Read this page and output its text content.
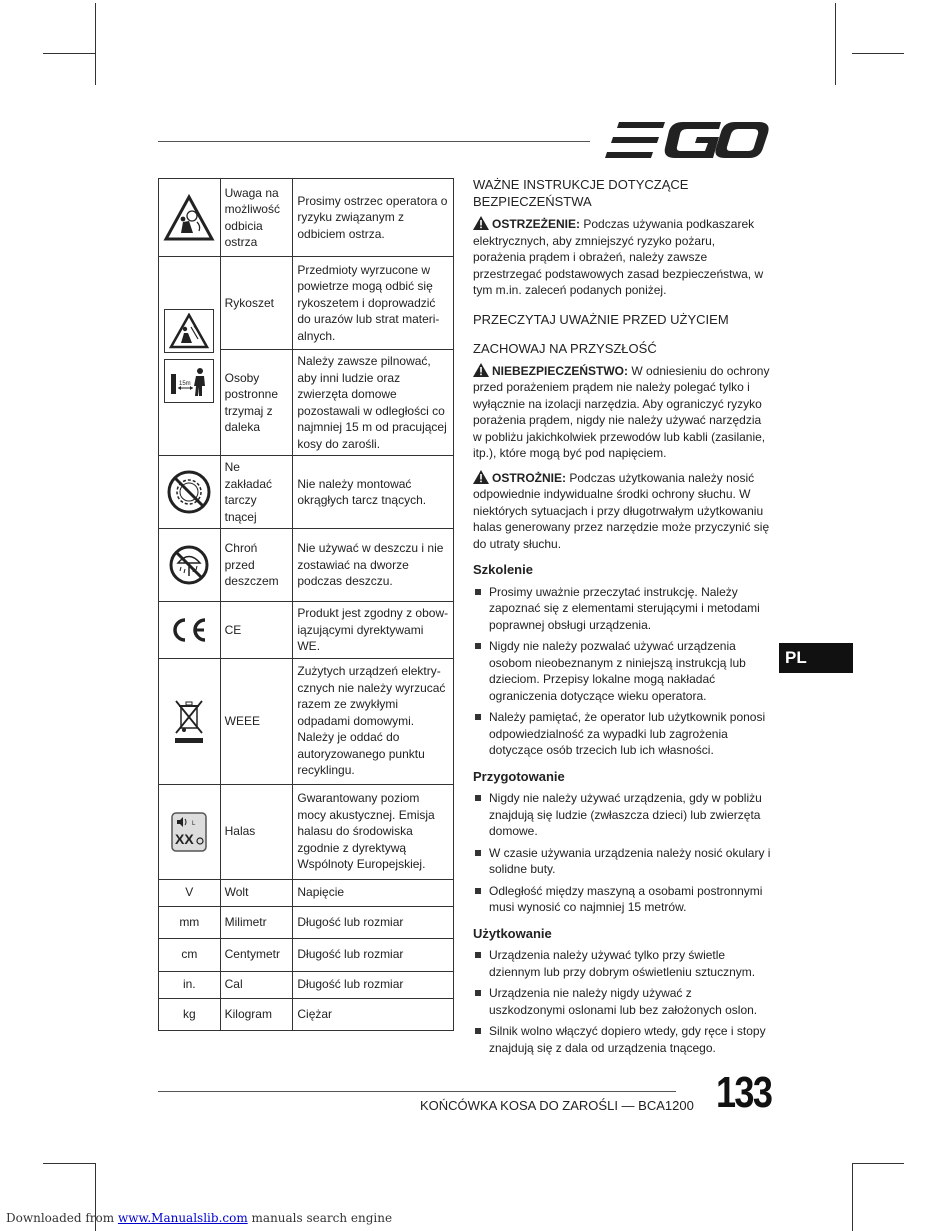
PL
	Uwaga na możliwość odbicia ostrza	Prosimy ostrzec operatora o ryzyku związanym z odbiciem ostrza.

15m	Rykoszet	Przedmioty wyrzucone w powietrze mogą odbić się rykoszetem i doprowadzić do urazów lub strat materi-alnych.
	Osoby postronne trzymaj z daleka	Należy zawsze pilnować, aby inni ludzie oraz zwierzęta domowe pozostawali w odległości co najmniej 15 m od pracującej kosy do zarośli.

	Ne zakładać tarczy tnącej	Nie należy montować okrągłych tarcz tnących.

	Chroń przed deszczem	Nie używać w deszczu i nie zostawiać na dworze podczas deszczu.

	CE	Produkt jest zgodny z obow-iązującymi dyrektywami WE.

	WEEE	Zużytych urządzeń elektry-cznych nie należy wyrzucać razem ze zwykłymi odpadami domowymi. Należy je oddać do autoryzowanego punktu recyklingu.

L
XX	Halas	Gwarantowany poziom mocy akustycznej. Emisja halasu do środowiska zgodnie z dyrektywą Wspólnoty Europejskiej.
V	Wolt	Napięcie
mm	Milimetr	Długość lub rozmiar
cm	Centymetr	Długość lub rozmiar
in.	Cal	Długość lub rozmiar
kg	Kilogram	Ciężar
WAŻNE INSTRUKCJE DOTYCZĄCE BEZPIECZEŃSTWA

OSTRZEŻENIE: Podczas używania podkaszarek elektrycznych, aby zmniejszyć ryzyko pożaru, porażenia prądem i obrażeń, należy zawsze przestrzegać podstawowych zasad bezpieczeństwa, w tym m.in. zaleceń podanych poniżej.

PRZECZYTAJ UWAŻNIE PRZED UŻYCIEM
ZACHOWAJ NA PRZYSZŁOŚĆ

NIEBEZPIECZEŃSTWO: W odniesieniu do ochrony przed porażeniem prądem nie należy polegać tylko i wyłącznie na izolacji narzędzia. Aby ograniczyć ryzyko porażenia prądem, nigdy nie należy używać narzędzia w pobliżu jakichkolwiek przewodów lub kabli (zasilanie, itp.), które mogą być pod napięciem.

OSTROŻNIE: Podczas użytkowania należy nosić odpowiednie indywidualne środki ochrony słuchu. W niektórych sytuacjach i przy długotrwałym użytkowaniu halas generowany przez narzędzie może przyczynić się do utraty słuchu.

Szkolenie
Prosimy uważnie przeczytać instrukcję. Należy zapoznać się z elementami sterującymi i metodami poprawnej obsługi urządzenia.
Nigdy nie należy pozwalać używać urządzenia osobom nieobeznanym z niniejszą instrukcją lub dzieciom. Przepisy lokalne mogą nakładać ograniczenia dotyczące wieku operatora.
Należy pamiętać, że operator lub użytkownik ponosi odpowiedzialność za wypadki lub zagrożenia dotyczące osób trzecich lub ich własności.
Przygotowanie
Nigdy nie należy używać urządzenia, gdy w pobliżu znajdują się ludzie (zwłaszcza dzieci) lub zwierzęta domowe.
W czasie używania urządzenia należy nosić okulary i solidne buty.
Odległość między maszyną a osobami postronnymi musi wynosić co najmniej 15 metrów.
Użytkowanie
Urządzenia należy używać tylko przy świetle dziennym lub przy dobrym oświetleniu sztucznym.
Urządzenia nie należy nigdy używać z uszkodzonymi oslonami lub bez założonych oslon.
Silnik wolno włączyć dopiero wtedy, gdy ręce i stopy znajdują się z dala od urządzenia tnącego.
KOŃCÓWKA KOSA DO ZAROŚLI — BCA1200 133
Downloaded from www.Manualslib.com manuals search engine
